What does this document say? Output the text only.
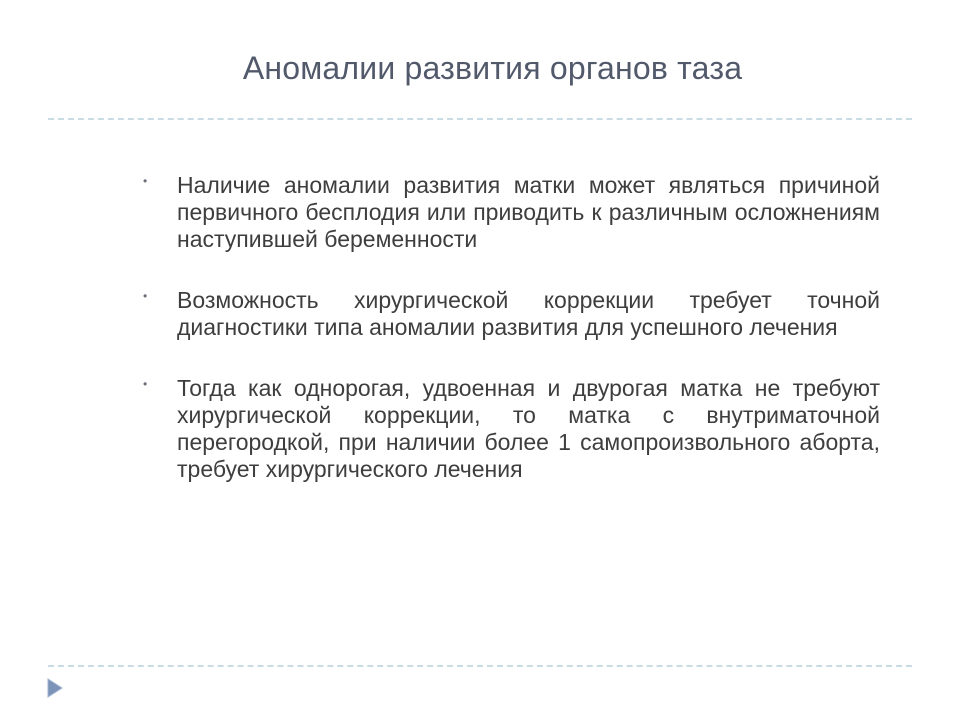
Аномалии развития органов таза
• Наличие аномалии развития матки может являться причиной первичного бесплодия или приводить к различным осложнениям наступившей беременности
• Возможность хирургической коррекции требует точной диагностики типа аномалии развития для успешного лечения
• Тогда как однорогая, удвоенная и двурогая матка не требуют хирургической коррекции, то матка с внутриматочной перегородкой, при наличии более 1 самопроизвольного аборта, требует хирургического лечения
